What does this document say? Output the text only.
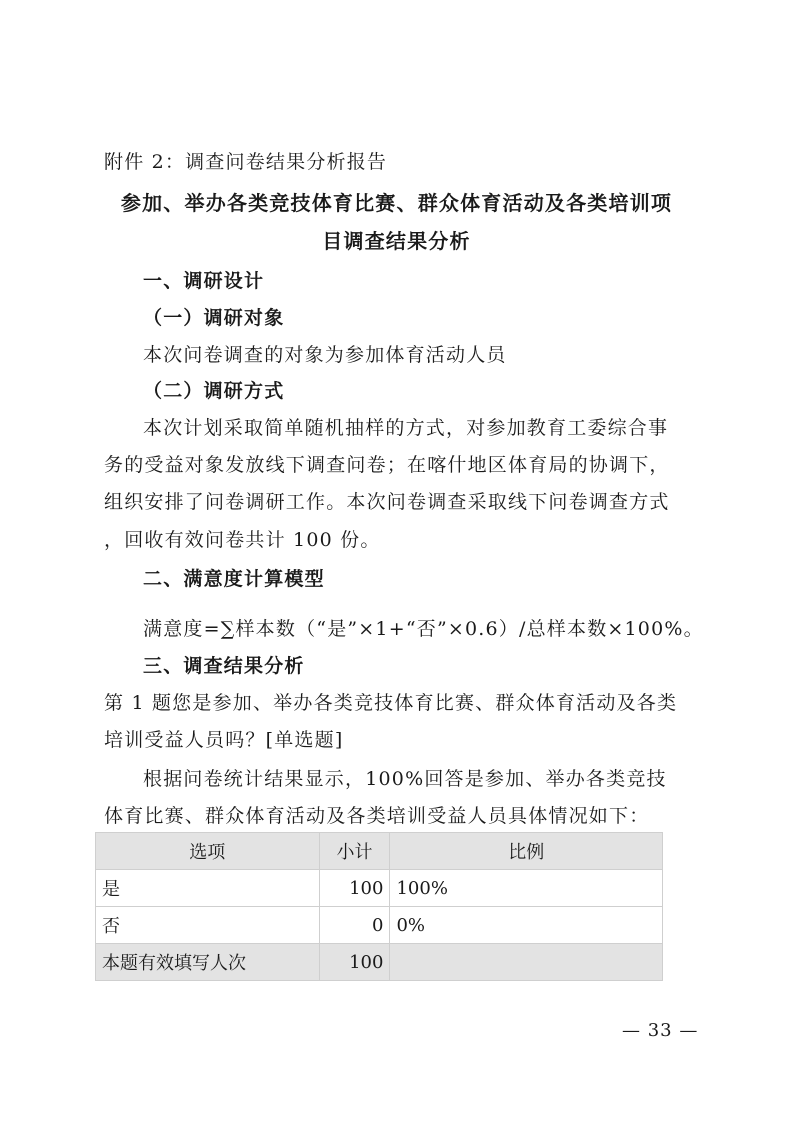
附件 2：调查问卷结果分析报告
参加、举办各类竞技体育比赛、群众体育活动及各类培训项
目调查结果分析
一、调研设计
（一）调研对象
本次问卷调查的对象为参加体育活动人员
（二）调研方式
本次计划采取简单随机抽样的方式，对参加教育工委综合事
务的受益对象发放线下调查问卷；在喀什地区体育局的协调下，
组织安排了问卷调研工作。本次问卷调查采取线下问卷调查方式
，回收有效问卷共计 100 份。
二、满意度计算模型
满意度=∑样本数（“是”×1+“否”×0.6）/总样本数×100%。
三、调查结果分析
第 1 题您是参加、举办各类竞技体育比赛、群众体育活动及各类
培训受益人员吗？[单选题]
根据问卷统计结果显示，100%回答是参加、举办各类竞技
体育比赛、群众体育活动及各类培训受益人员具体情况如下：
选项	小计	比例
是	100	100%
否	0	0%
本题有效填写人次	100	
— 33 —
